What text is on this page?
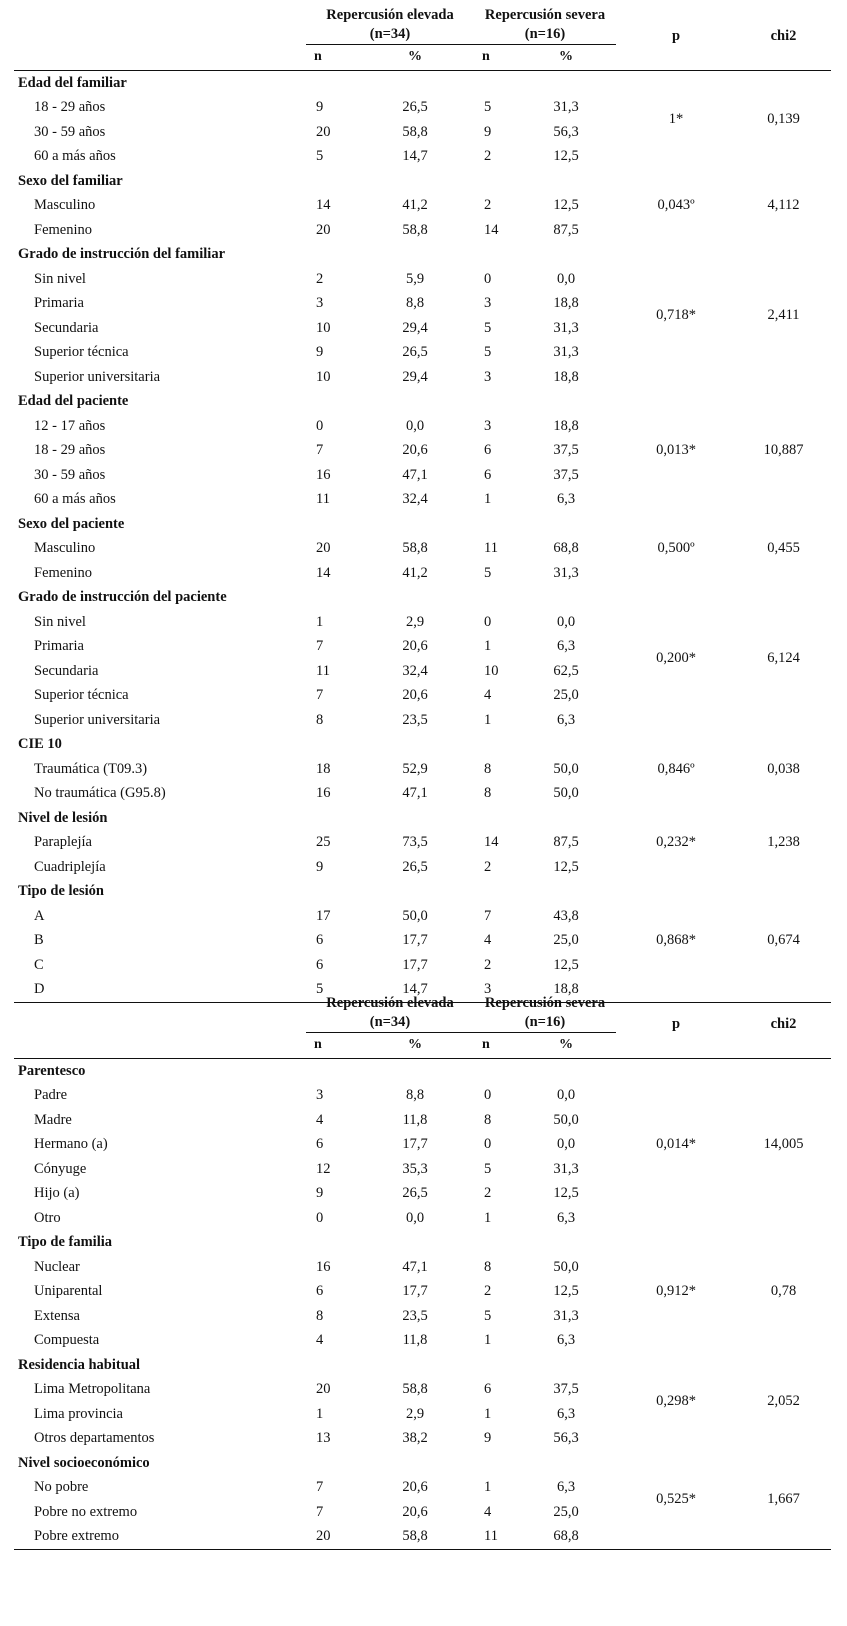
	Repercusión elevada
(n=34)		Repercusión severa
(n=16)		p	chi2
	n	%	n	%		
Edad del familiar					1*	0,139
18 - 29 años	9	26,5	5	31,3		
30 - 59 años	20	58,8	9	56,3		
60 a más años	5	14,7	2	12,5		
Sexo del familiar					0,043º	4,112
Masculino	14	41,2	2	12,5		
Femenino	20	58,8	14	87,5		
Grado de instrucción del familiar					0,718*	2,411
Sin nivel	2	5,9	0	0,0		
Primaria	3	8,8	3	18,8		
Secundaria	10	29,4	5	31,3		
Superior técnica	9	26,5	5	31,3		
Superior universitaria	10	29,4	3	18,8		
Edad del paciente					0,013*	10,887
12 - 17 años	0	0,0	3	18,8		
18 - 29 años	7	20,6	6	37,5		
30 - 59 años	16	47,1	6	37,5		
60 a más años	11	32,4	1	6,3		
Sexo del paciente					0,500º	0,455
Masculino	20	58,8	11	68,8		
Femenino	14	41,2	5	31,3		
Grado de instrucción del paciente					0,200*	6,124
Sin nivel	1	2,9	0	0,0		
Primaria	7	20,6	1	6,3		
Secundaria	11	32,4	10	62,5		
Superior técnica	7	20,6	4	25,0		
Superior universitaria	8	23,5	1	6,3		
CIE 10					0,846º	0,038
Traumática (T09.3)	18	52,9	8	50,0		
No traumática (G95.8)	16	47,1	8	50,0		
Nivel de lesión					0,232*	1,238
Paraplejía	25	73,5	14	87,5		
Cuadriplejía	9	26,5	2	12,5		
Tipo de lesión					0,868*	0,674
A	17	50,0	7	43,8		
B	6	17,7	4	25,0		
C	6	17,7	2	12,5		
D	5	14,7	3	18,8		

	Repercusión elevada
(n=34)		Repercusión severa
(n=16)		p	chi2
	n	%	n	%		
Parentesco					0,014*	14,005
Padre	3	8,8	0	0,0		
Madre	4	11,8	8	50,0		
Hermano (a)	6	17,7	0	0,0		
Cónyuge	12	35,3	5	31,3		
Hijo (a)	9	26,5	2	12,5		
Otro	0	0,0	1	6,3		
Tipo de familia					0,912*	0,78
Nuclear	16	47,1	8	50,0		
Uniparental	6	17,7	2	12,5		
Extensa	8	23,5	5	31,3		
Compuesta	4	11,8	1	6,3		
Residencia habitual					0,298*	2,052
Lima Metropolitana	20	58,8	6	37,5		
Lima provincia	1	2,9	1	6,3		
Otros departamentos	13	38,2	9	56,3		
Nivel socioeconómico					0,525*	1,667
No pobre	7	20,6	1	6,3		
Pobre no extremo	7	20,6	4	25,0		
Pobre extremo	20	58,8	11	68,8		
